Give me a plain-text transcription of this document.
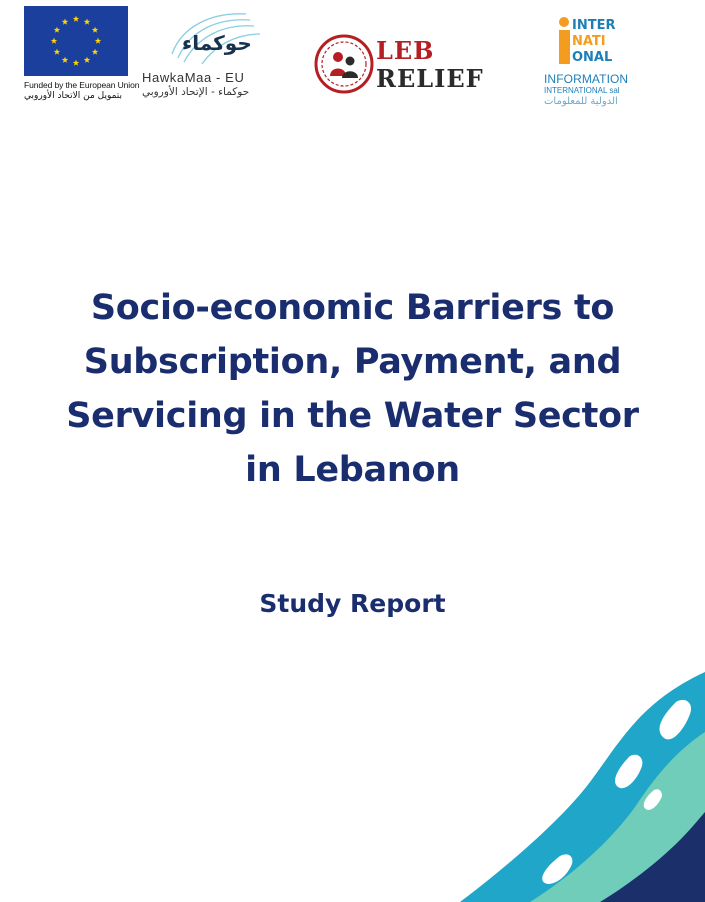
Funded by the European Union
بتمويل من الاتحاد الأوروبي
حوكماء
HawkaMaa - EU
حوكماء - الإتحاد الأوروبي
LEB
RELIEF
INTER
NATI
ONAL
INFORMATION
INTERNATIONAL sal
الدولية للمعلومات
Socio-economic Barriers to
Subscription, Payment, and
Servicing in the Water Sector
in Lebanon
Study Report
